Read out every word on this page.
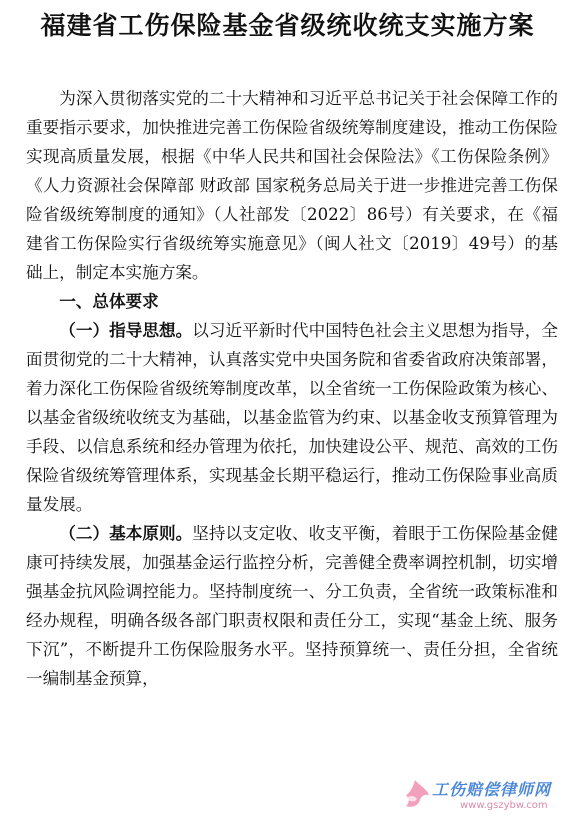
福建省工伤保险基金省级统收统支实施方案

为深入贯彻落实党的二十大精神和习近平总书记关于社会保障工作的重要指示要求，加快推进完善工伤保险省级统筹制度建设，推动工伤保险实现高质量发展，根据《中华人民共和国社会保险法》《工伤保险条例》《人力资源社会保障部 财政部 国家税务总局关于进一步推进完善工伤保险省级统筹制度的通知》（人社部发〔2022〕86号）有关要求，在《福建省工伤保险实行省级统筹实施意见》（闽人社文〔2019〕49号）的基础上，制定本实施方案。

一、总体要求

（一）指导思想。以习近平新时代中国特色社会主义思想为指导，全面贯彻党的二十大精神，认真落实党中央国务院和省委省政府决策部署，着力深化工伤保险省级统筹制度改革，以全省统一工伤保险政策为核心、以基金省级统收统支为基础，以基金监管为约束、以基金收支预算管理为手段、以信息系统和经办管理为依托，加快建设公平、规范、高效的工伤保险省级统筹管理体系，实现基金长期平稳运行，推动工伤保险事业高质量发展。

（二）基本原则。坚持以支定收、收支平衡，着眼于工伤保险基金健康可持续发展，加强基金运行监控分析，完善健全费率调控机制，切实增强基金抗风险调控能力。坚持制度统一、分工负责，全省统一政策标准和经办规程，明确各级各部门职责权限和责任分工，实现“基金上统、服务下沉”，不断提升工伤保险服务水平。坚持预算统一、责任分担，全省统一编制基金预算，

工伤赔偿律师网
www.gszybw.com
